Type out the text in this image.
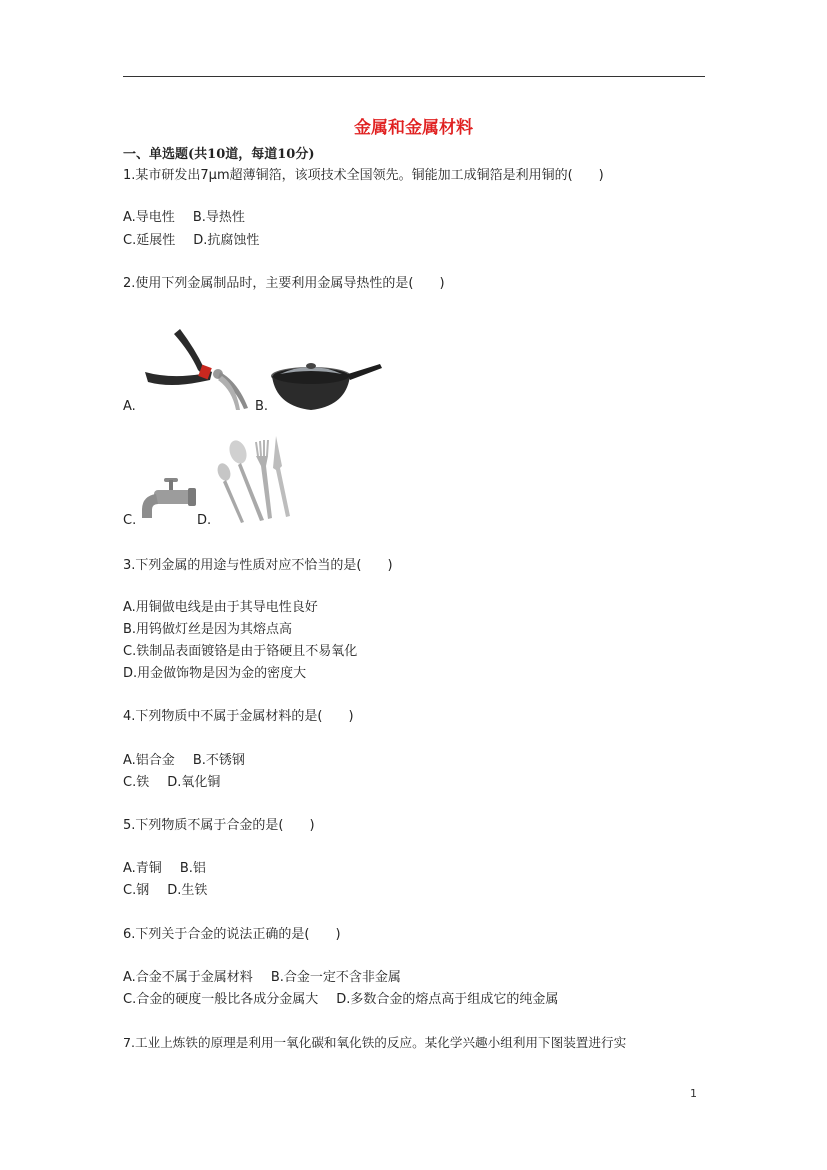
金属和金属材料
一、单选题(共10道，每道10分)
1.某市研发出7μm超薄铜箔，该项技术全国领先。铜能加工成铜箔是利用铜的(　　)
A.导电性 B.导热性
C.延展性 D.抗腐蚀性
2.使用下列金属制品时，主要利用金属导热性的是(　　)
A.	B.
C.	D.
3.下列金属的用途与性质对应不恰当的是(　　)
A.用铜做电线是由于其导电性良好
B.用钨做灯丝是因为其熔点高
C.铁制品表面镀铬是由于铬硬且不易氧化
D.用金做饰物是因为金的密度大
4.下列物质中不属于金属材料的是(　　)
A.铝合金 B.不锈钢
C.铁 D.氧化铜
5.下列物质不属于合金的是(　　)
A.青铜 B.铝
C.钢 D.生铁
6.下列关于合金的说法正确的是(　　)
A.合金不属于金属材料 B.合金一定不含非金属
C.合金的硬度一般比各成分金属大 D.多数合金的熔点高于组成它的纯金属
7.工业上炼铁的原理是利用一氧化碳和氧化铁的反应。某化学兴趣小组利用下图装置进行实
1
